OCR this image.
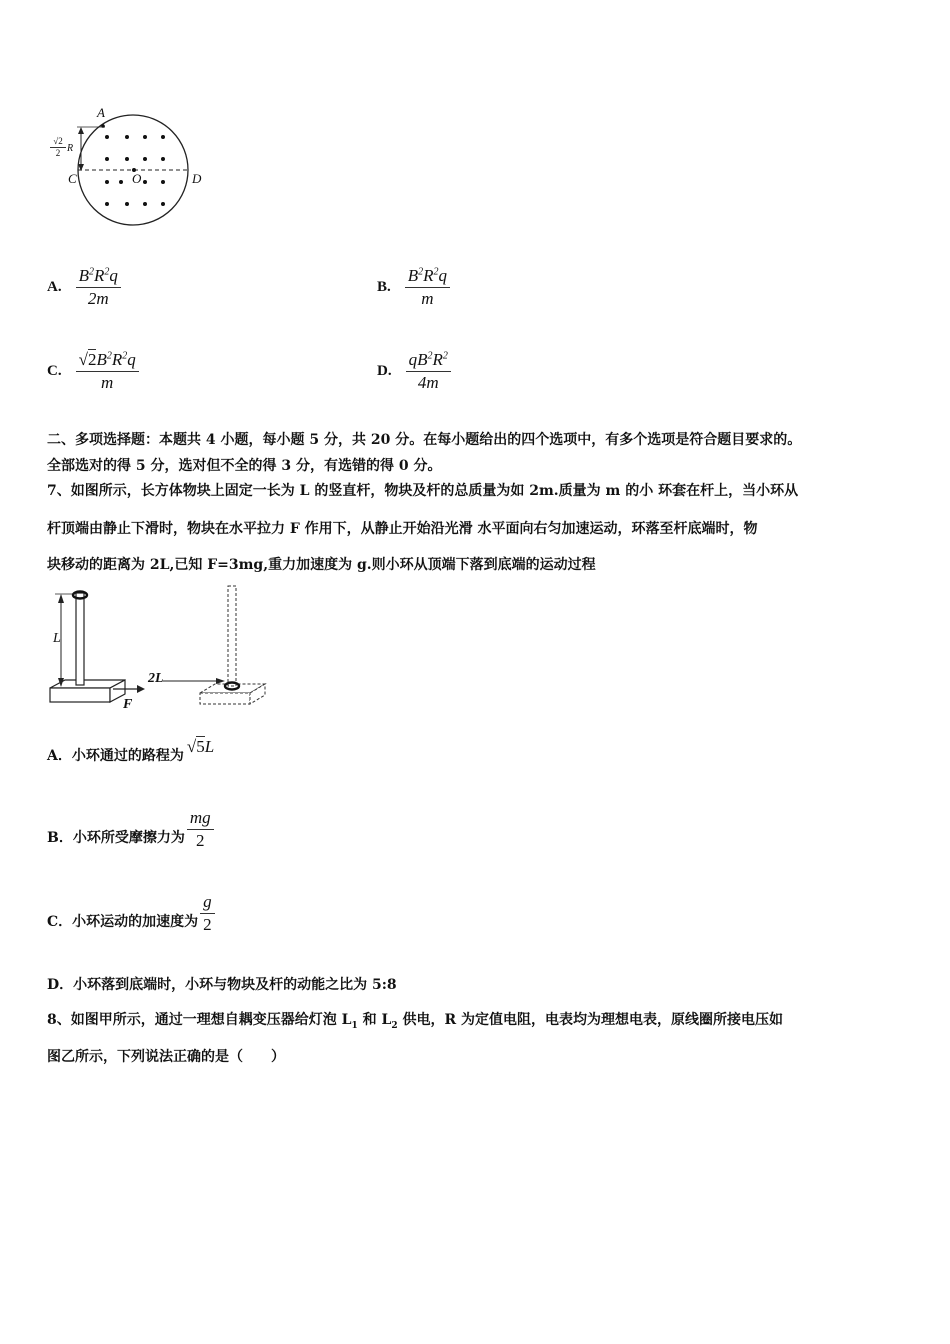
A
C	O	D
√2
2 R
A. $\frac{B^2R^2q}{2m}$	B. $\frac{B^2R^2q}{m}$
C. $\frac{√2B^2R^2q}{m}$	D. $\frac{qB^2R^2}{4m}$
二、多项选择题：本题共 4 小题，每小题 5 分，共 20 分。在每小题给出的四个选项中，有多个选项是符合题目要求的。
全部选对的得 5 分，选对但不全的得 3 分，有选错的得 0 分。
7、如图所示，长方体物块上固定一长为 L 的竖直杆，物块及杆的总质量为如 2m.质量为 m 的小 环套在杆上，当小环从
杆顶端由静止下滑时，物块在水平拉力 F 作用下，从静止开始沿光滑 水平面向右匀加速运动，环落至杆底端时，物
块移动的距离为 2L,已知 F=3mg,重力加速度为 g.则小环从顶端下落到底端的运动过程
L
2L
F
A．小环通过的路程为 √5L
B．小环所受摩擦力为 $\frac{mg}{2}$
C．小环运动的加速度为 $\frac{g}{2}$
D．小环落到底端时，小环与物块及杆的动能之比为 5:8
8、如图甲所示，通过一理想自耦变压器给灯泡 $L_1$ 和 $L_2$ 供电，R 为定值电阻，电表均为理想电表，原线圈所接电压如
图乙所示，下列说法正确的是（　　）
